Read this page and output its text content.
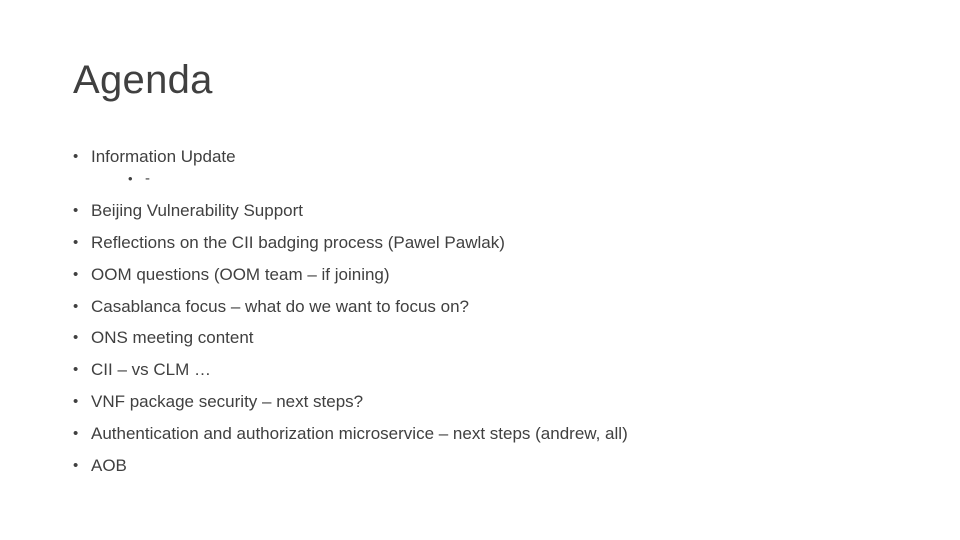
Agenda
• Information Update
• -
• Beijing Vulnerability Support
• Reflections on the CII badging process (Pawel Pawlak)
• OOM questions (OOM team – if joining)
• Casablanca focus – what do we want to focus on?
• ONS meeting content
• CII – vs CLM …
• VNF package security – next steps?
• Authentication and authorization microservice – next steps (andrew, all)
• AOB
